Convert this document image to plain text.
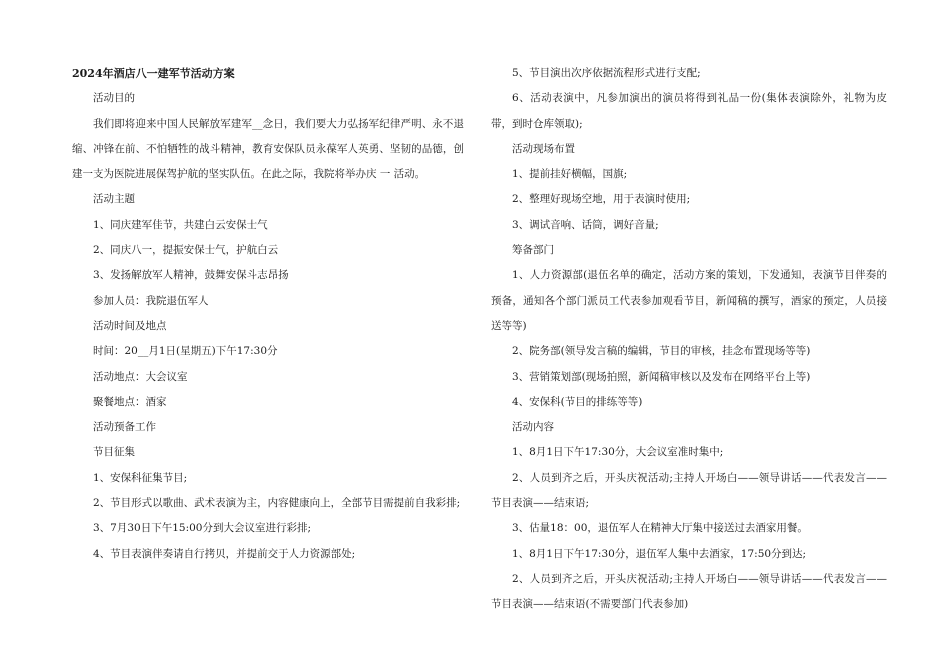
2024年酒店八一建军节活动方案

活动目的

我们即将迎来中国人民解放军建军__念日，我们要大力弘扬军纪律严明、永不退缩、冲锋在前、不怕牺牲的战斗精神，教育安保队员永葆军人英勇、坚韧的品德，创建一支为医院进展保驾护航的坚实队伍。在此之际，我院将举办庆 一 活动。

活动主题

1、同庆建军佳节，共建白云安保士气

2、同庆八一，提振安保士气，护航白云

3、发扬解放军人精神，鼓舞安保斗志昂扬

参加人员：我院退伍军人

活动时间及地点

时间：20__月1日(星期五)下午17:30分

活动地点：大会议室

聚餐地点：酒家

活动预备工作

节目征集

1、安保科征集节目;

2、节目形式以歌曲、武术表演为主，内容健康向上，全部节目需提前自我彩排;

3、7月30日下午15:00分到大会议室进行彩排;

4、节目表演伴奏请自行拷贝，并提前交于人力资源部处;

5、节目演出次序依据流程形式进行支配;

6、活动表演中，凡参加演出的演员将得到礼品一份(集体表演除外，礼物为皮带，到时仓库领取);

活动现场布置

1、提前挂好横幅，国旗;

2、整理好现场空地，用于表演时使用;

3、调试音响、话筒，调好音量;

筹备部门

1、人力资源部(退伍名单的确定，活动方案的策划，下发通知，表演节目伴奏的预备，通知各个部门派员工代表参加观看节目，新闻稿的撰写，酒家的预定，人员接送等等)

2、院务部(领导发言稿的编辑，节目的审核，挂念布置现场等等)

3、营销策划部(现场拍照，新闻稿审核以及发布在网络平台上等)

4、安保科(节目的排练等等)

活动内容

1、8月1日下午17:30分，大会议室准时集中;

2、人员到齐之后，开头庆祝活动;主持人开场白——领导讲话——代表发言——节目表演——结束语;

3、估量18：00，退伍军人在精神大厅集中接送过去酒家用餐。

1、8月1日下午17:30分，退伍军人集中去酒家，17:50分到达;

2、人员到齐之后，开头庆祝活动;主持人开场白——领导讲话——代表发言——节目表演——结束语(不需要部门代表参加)
